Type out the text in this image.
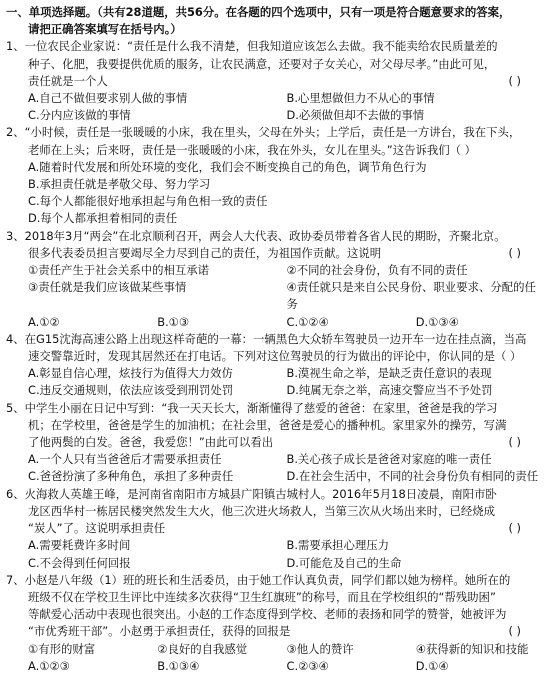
一、单项选择题。（共有28道题，共56分。在各题的四个选项中，只有一项是符合题意要求的答案，
请把正确答案填写在括号内。）
1、一位农民企业家说：“责任是什么我不清楚，但我知道应该怎么去做。我不能卖给农民质量差的
种子、化肥，我要提供优质的服务，让农民满意，还要对子女关心，对父母尽孝。”由此可见，
责任就是一个人	( )
A.自己不做但要求别人做的事情	B.心里想做但力不从心的事情
C.分内应该做的事情	D.必须做但却不去做的事情
2、“小时候，责任是一张暖暖的小床，我在里头，父母在外头；上学后，责任是一方讲台，我在下头，
老师在上头；后来呀，责任是一张暖暖的小床，我在外头，女儿在里头。”这告诉我们（ ）
A.随着时代发展和所处环境的变化，我们会不断变换自己的角色，调节角色行为
B.承担责任就是孝敬父母、努力学习
C.每个人都能很好地承担起与角色相一致的责任
D.每个人都承担着相同的责任
3、2018年3月“两会”在北京顺利召开，两会人大代表、政协委员带着各省人民的期盼，齐聚北京。
很多代表委员担言要竭尽全力尽到自己的责任，为祖国作贡献。这说明	( )
①责任产生于社会关系中的相互承诺	②不同的社会身份，负有不同的责任
③责任就是我们应该做某些事情	④责任就只是来自公民身份、职业要求、分配的任务
A.①②	B.①③	C.①②④	D.①③④
4、在G15沈海高速公路上出现这样奇葩的一幕：一辆黑色大众轿车驾驶员一边开车一边在挂点滴，当高
速交警靠近时，发现其居然还在打电话。下列对这位驾驶员的行为做出的评论中，你认同的是（ ）
A.彰显自信心理，炫技行为值得大力效仿	B.漠视生命之举，是缺乏责任意识的表现
C.违反交通规则，依法应该受到刑罚处罚	D.纯属无奈之举，高速交警应当不予处罚
5、中学生小丽在日记中写到：“我一天天长大，渐渐懂得了慈爱的爸爸：在家里，爸爸是我的学习
机；在学校里，爸爸是学生的加油机；在社会里，爸爸是爱心的播种机。家里家外的操劳，写满
了他两鬓的白发。爸爸，我爱您！”由此可以看出	( )
A.一个人只有当爸爸后才需要承担责任	B.关心孩子成长是爸爸对家庭的唯一责任
C.爸爸扮演了多种角色，承担了多种责任	D.在社会生活中，不同的社会身份负有相同的责任
6、火海救人英雄王峰，是河南省南阳市方城县广阳镇古城村人。2016年5月18日凌晨，南阳市卧
龙区西华村一栋居民楼突然发生大火，他三次进火场救人，当第三次从火场出来时，已经烧成
“炭人”了。这说明承担责任	( )
A.需要耗费许多时间	B.需要承担心理压力
C.不会得到任何回报	D.可能危及自己的生命
7、小赵是八年级（1）班的班长和生活委员，由于她工作认真负责，同学们都以她为榜样。她所在的
班级不仅在学校卫生评比中连续多次获得“卫生红旗班”的称号，而且在学校组织的“帮残助困”
等献爱心活动中表现也很突出。小赵的工作态度得到学校、老师的表扬和同学的赞誉，她被评为
“市优秀班干部”。小赵勇于承担责任，获得的回报是	( )
①有形的财富	②良好的自我感觉	③他人的赞许	④获得新的知识和技能
A.①②③	B.①③④	C.②③④	D.①④
